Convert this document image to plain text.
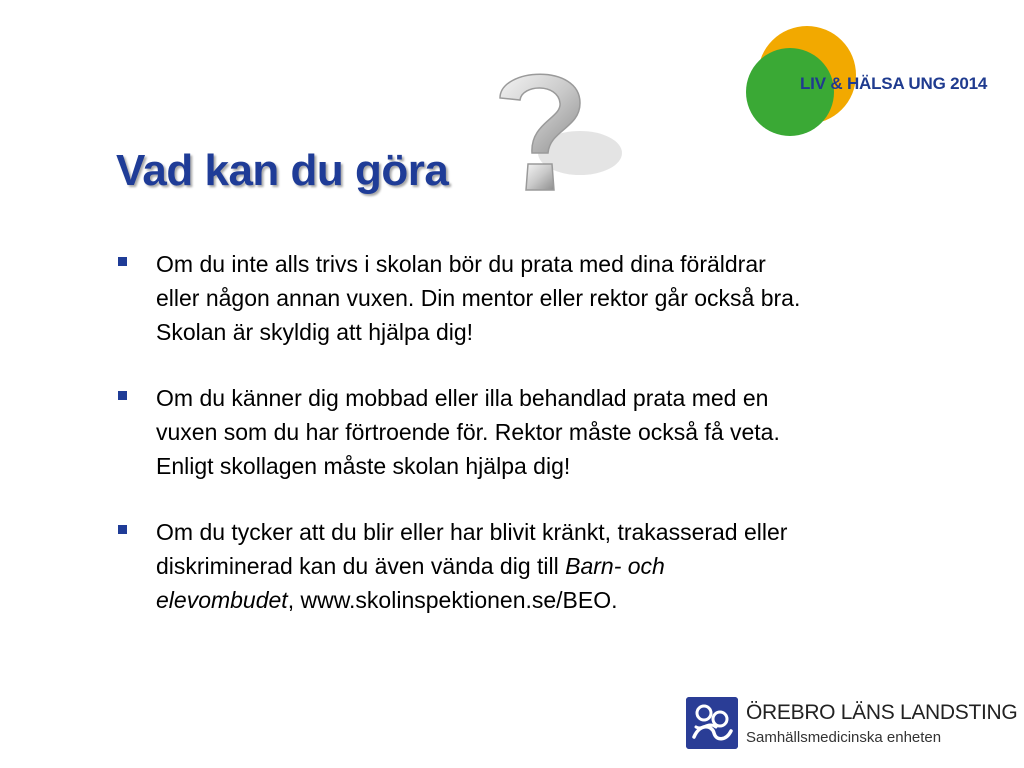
LIV & HÄLSA UNG 2014
Vad kan du göra
Om du inte alls trivs i skolan bör du prata med dina föräldrar
eller någon annan vuxen. Din mentor eller rektor går också bra.
Skolan är skyldig att hjälpa dig!
Om du känner dig mobbad eller illa behandlad prata med en
vuxen som du har förtroende för. Rektor måste också få veta.
Enligt skollagen måste skolan hjälpa dig!
Om du tycker att du blir eller har blivit kränkt, trakasserad eller
diskriminerad kan du även vända dig till Barn- och
elevombudet, www.skolinspektionen.se/BEO.
ÖREBRO LÄNS LANDSTING
Samhällsmedicinska enheten
